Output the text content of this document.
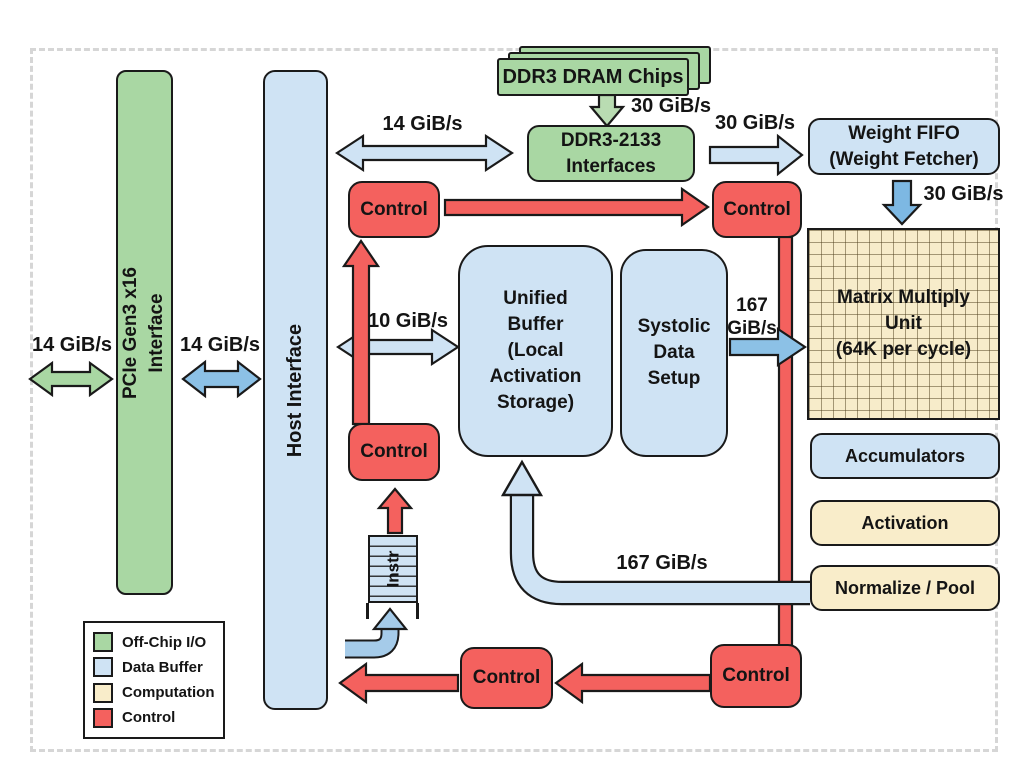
PCIe Gen3 x16 Interface	Host Interface
DDR3 DRAM Chips
DDR3-2133
Interfaces
Weight FIFO
(Weight Fetcher)
Matrix Multiply
Unit
(64K per cycle)
Control	Control
Control
Control	Control
Unified
Buffer
(Local
Activation
Storage)
Systolic
Data
Setup
Accumulators
Activation
Normalize / Pool
Instr
14 GiB/s	14 GiB/s
14 GiB/s
30 GiB/s
30 GiB/s
30 GiB/s
10 GiB/s
167
GiB/s
167 GiB/s
Off-Chip I/O
Data Buffer
Computation
Control
